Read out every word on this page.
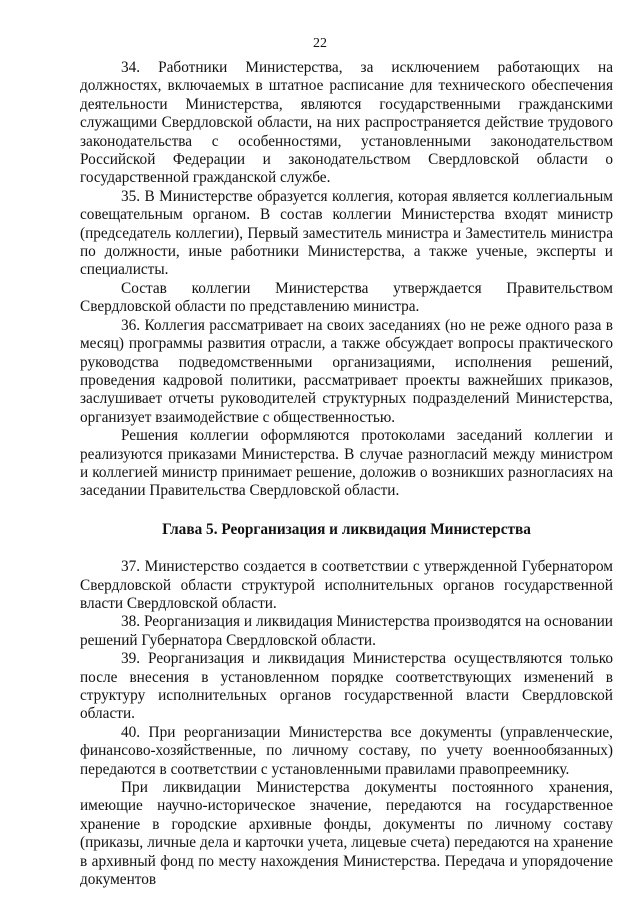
22

34. Работники Министерства, за исключением работающих на должностях, включаемых в штатное расписание для технического обеспечения деятельности Министерства, являются государственными гражданскими служащими Свердловской области, на них распространяется действие трудового законодательства с особенностями, установленными законодательством Российской Федерации и законодательством Свердловской области о государственной гражданской службе.

35. В Министерстве образуется коллегия, которая является коллегиальным совещательным органом. В состав коллегии Министерства входят министр (председатель коллегии), Первый заместитель министра и Заместитель министра по должности, иные работники Министерства, а также ученые, эксперты и специалисты.

Состав коллегии Министерства утверждается Правительством Свердловской области по представлению министра.

36. Коллегия рассматривает на своих заседаниях (но не реже одного раза в месяц) программы развития отрасли, а также обсуждает вопросы практического руководства подведомственными организациями, исполнения решений, проведения кадровой политики, рассматривает проекты важнейших приказов, заслушивает отчеты руководителей структурных подразделений Министерства, организует взаимодействие с общественностью.

Решения коллегии оформляются протоколами заседаний коллегии и реализуются приказами Министерства. В случае разногласий между министром и коллегией министр принимает решение, доложив о возникших разногласиях на заседании Правительства Свердловской области.

Глава 5. Реорганизация и ликвидация Министерства

37. Министерство создается в соответствии с утвержденной Губернатором Свердловской области структурой исполнительных органов государственной власти Свердловской области.

38. Реорганизация и ликвидация Министерства производятся на основании решений Губернатора Свердловской области.

39. Реорганизация и ликвидация Министерства осуществляются только после внесения в установленном порядке соответствующих изменений в структуру исполнительных органов государственной власти Свердловской области.

40. При реорганизации Министерства все документы (управленческие, финансово-хозяйственные, по личному составу, по учету военнообязанных) передаются в соответствии с установленными правилами правопреемнику.

При ликвидации Министерства документы постоянного хранения, имеющие научно-историческое значение, передаются на государственное хранение в городские архивные фонды, документы по личному составу (приказы, личные дела и карточки учета, лицевые счета) передаются на хранение в архивный фонд по месту нахождения Министерства. Передача и упорядочение документов
